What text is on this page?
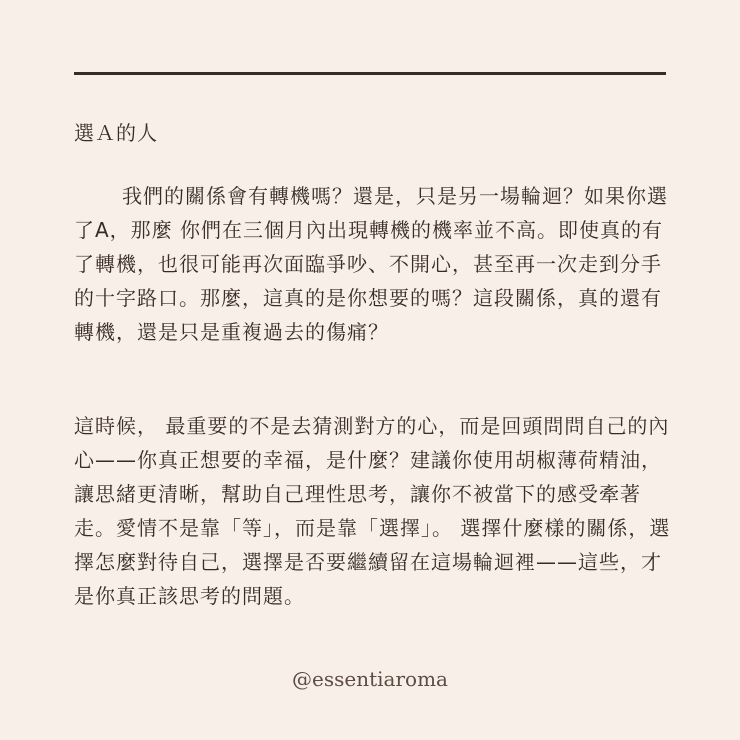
選Ａ的人

我們的關係會有轉機嗎？還是，只是另一場輪迴？如果你選了A，那麼 你們在三個月內出現轉機的機率並不高。即使真的有了轉機，也很可能再次面臨爭吵、不開心，甚至再一次走到分手的十字路口。那麼，這真的是你想要的嗎？這段關係，真的還有轉機，還是只是重複過去的傷痛？

這時候， 最重要的不是去猜測對方的心，而是回頭問問自己的內心——你真正想要的幸福，是什麼？建議你使用胡椒薄荷精油，讓思緒更清晰，幫助自己理性思考，讓你不被當下的感受牽著走。愛情不是靠「等」，而是靠「選擇」。 選擇什麼樣的關係，選擇怎麼對待自己，選擇是否要繼續留在這場輪迴裡——這些，才是你真正該思考的問題。

@essentiaroma
